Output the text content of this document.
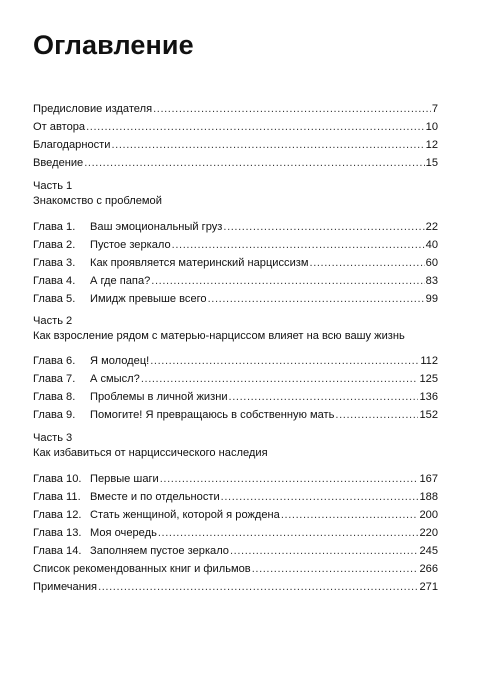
Оглавление
Предисловие издателя .....	7
От автора .....	10
Благодарности .....	12
Введение .....	15
Часть 1
Знакомство с проблемой
Глава 1.	Ваш эмоциональный груз .....	22
Глава 2.	Пустое зеркало .....	40
Глава 3.	Как проявляется материнский нарциссизм .....	60
Глава 4.	А где папа? .....	83
Глава 5.	Имидж превыше всего .....	99
Часть 2
Как взросление рядом с матерью-нарциссом влияет на всю вашу жизнь
Глава 6.	Я молодец! .....	112
Глава 7.	А смысл? .....	125
Глава 8.	Проблемы в личной жизни .....	136
Глава 9.	Помогите! Я превращаюсь в собственную мать .....	152
Часть 3
Как избавиться от нарциссического наследия
Глава 10. Первые шаги .....	167
Глава 11. Вместе и по отдельности .....	188
Глава 12. Стать женщиной, которой я рождена .....	200
Глава 13. Моя очередь .....	220
Глава 14. Заполняем пустое зеркало .....	245
Список рекомендованных книг и фильмов .....	266
Примечания .....	271
